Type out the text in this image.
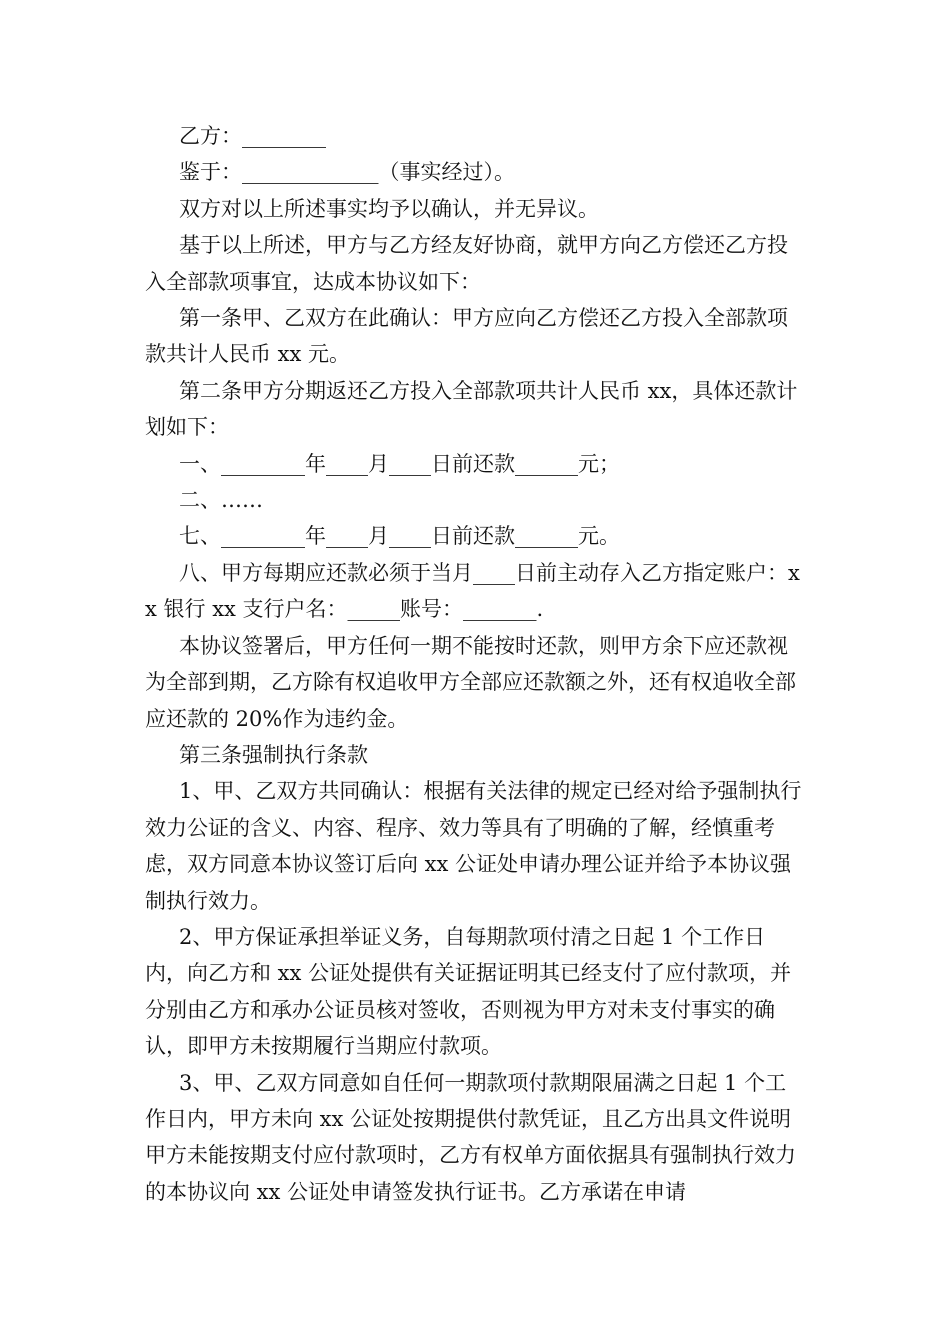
乙方：________

鉴于：_____________（事实经过）。

双方对以上所述事实均予以确认，并无异议。

基于以上所述，甲方与乙方经友好协商，就甲方向乙方偿还乙方投入全部款项事宜，达成本协议如下：

第一条甲、乙双方在此确认：甲方应向乙方偿还乙方投入全部款项款共计人民币 xx 元。

第二条甲方分期返还乙方投入全部款项共计人民币 xx，具体还款计划如下：

一、________年____月____日前还款______元；

二、……

七、________年____月____日前还款______元。

八、甲方每期应还款必须于当月____日前主动存入乙方指定账户：xx 银行 xx 支行户名：_____账号：_______.

本协议签署后，甲方任何一期不能按时还款，则甲方余下应还款视为全部到期，乙方除有权追收甲方全部应还款额之外，还有权追收全部应还款的 20%作为违约金。

第三条强制执行条款

1、甲、乙双方共同确认：根据有关法律的规定已经对给予强制执行效力公证的含义、内容、程序、效力等具有了明确的了解，经慎重考虑，双方同意本协议签订后向 xx 公证处申请办理公证并给予本协议强制执行效力。

2、甲方保证承担举证义务，自每期款项付清之日起 1 个工作日内，向乙方和 xx 公证处提供有关证据证明其已经支付了应付款项，并分别由乙方和承办公证员核对签收，否则视为甲方对未支付事实的确认，即甲方未按期履行当期应付款项。

3、甲、乙双方同意如自任何一期款项付款期限届满之日起 1 个工作日内，甲方未向 xx 公证处按期提供付款凭证，且乙方出具文件说明甲方未能按期支付应付款项时，乙方有权单方面依据具有强制执行效力的本协议向 xx 公证处申请签发执行证书。乙方承诺在申请
